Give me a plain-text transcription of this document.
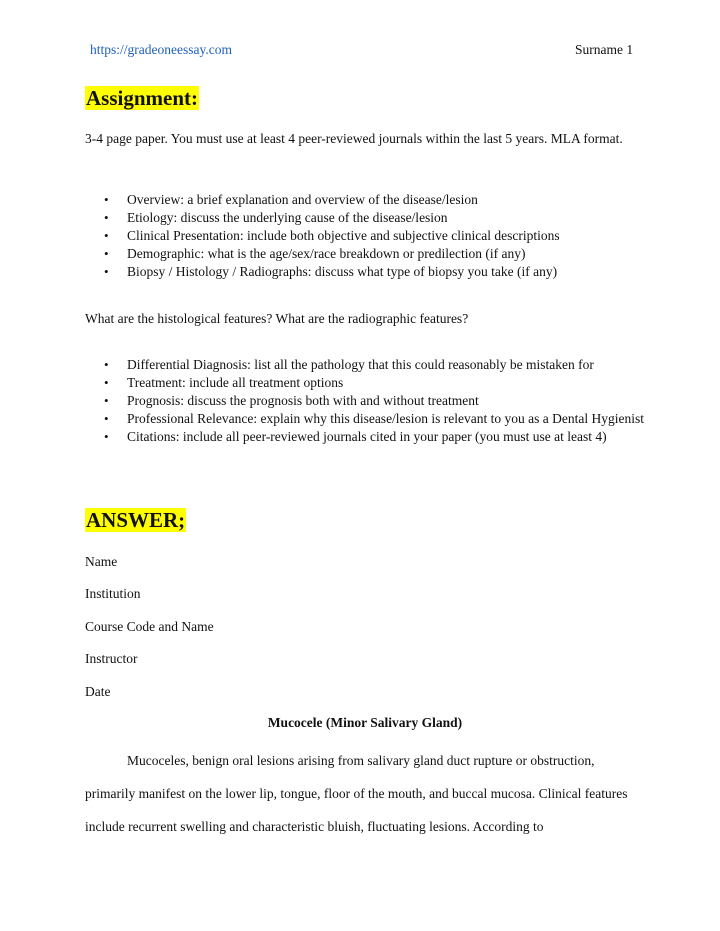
https://gradeoneessay.com	Surname 1
Assignment:
3-4 page paper. You must use at least 4 peer-reviewed journals within the last 5 years. MLA format.
• Overview: a brief explanation and overview of the disease/lesion
• Etiology: discuss the underlying cause of the disease/lesion
• Clinical Presentation: include both objective and subjective clinical descriptions
• Demographic: what is the age/sex/race breakdown or predilection (if any)
• Biopsy / Histology / Radiographs: discuss what type of biopsy you take (if any)
What are the histological features? What are the radiographic features?
• Differential Diagnosis: list all the pathology that this could reasonably be mistaken for
• Treatment: include all treatment options
• Prognosis: discuss the prognosis both with and without treatment
• Professional Relevance: explain why this disease/lesion is relevant to you as a Dental Hygienist
• Citations: include all peer-reviewed journals cited in your paper (you must use at least 4)
ANSWER;
Name
Institution
Course Code and Name
Instructor
Date
Mucocele (Minor Salivary Gland)
Mucoceles, benign oral lesions arising from salivary gland duct rupture or obstruction, primarily manifest on the lower lip, tongue, floor of the mouth, and buccal mucosa. Clinical features include recurrent swelling and characteristic bluish, fluctuating lesions. According to
